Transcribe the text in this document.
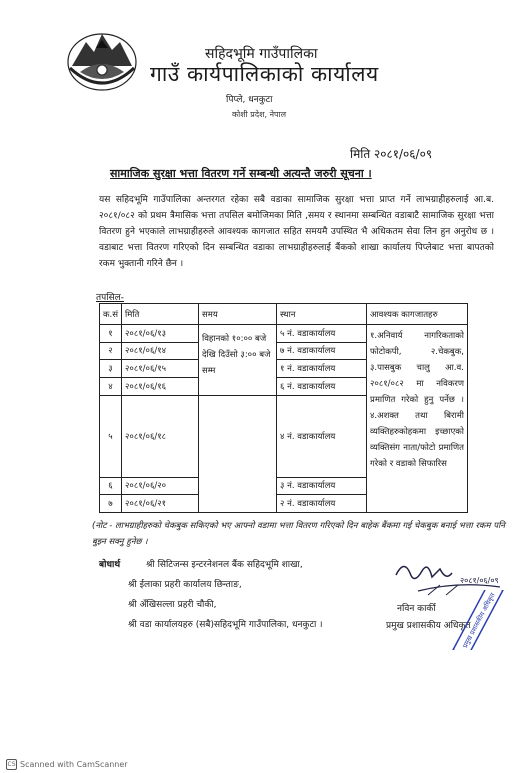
सहिदभूमि गाउँपालिका
गाउँ कार्यपालिकाको कार्यालय
पिप्ले, धनकुटा
कोशी प्रदेश, नेपाल
मिति २०८१/०६/०९
सामाजिक सुरक्षा भत्ता वितरण गर्ने सम्बन्धी अत्यन्तै जरुरी सूचना ।
यस सहिदभूमि गाउँपालिका अन्तरगत रहेका सबै वडाका सामाजिक सुरक्षा भत्ता प्राप्त गर्ने लाभग्राहीहरुलाई आ.ब. २०८१/०८२ को प्रथम त्रैमासिक भत्ता तपसिल बमोजिमका मिति ,समय र स्थानमा सम्बन्धित वडाबाटै सामाजिक सुरक्षा भत्ता वितरण हुने भएकाले लाभग्राहीहरुले आवश्यक कागजात सहित समयमै उपस्थित भै अधिकतम सेवा लिन हुन अनुरोध छ । वडाबाट भत्ता वितरण गरिएको दिन सम्बन्धित वडाका लाभग्राहीहरुलाई बैंकको शाखा कार्यालय पिप्लेबाट भत्ता बापतको रकम भुक्तानी गरिने छैन ।
तपसिल-
क.सं	मिति	समय	स्थान	आवश्यक कागजातहरु
१	२०८१/०६/१३	विहानको १०:०० बजे देखि दिउँसो ३:०० बजे सम्म	५ नं. वडाकार्यालय	१.अनिवार्य नागरिकताको फोटोकपी, २.चेकबुक, ३.पासबुक चालु आ.व. २०८१/०८२ मा नविकरण प्रमाणित गरेको हुनु पर्नेछ । ४.अशक्त तथा बिरामी व्यक्तिहरुकोहकमा इच्छाएको व्यक्तिसंग नाता/फोटो प्रमाणित गरेको र वडाको सिफारिस
२	२०८१/०६/१४		७ नं. वडाकार्यालय	
३	२०८१/०६/१५		१ नं. वडाकार्यालय	
४	२०८१/०६/१६		६ नं. वडाकार्यालय	
५	२०८१/०६/१८		४ नं. वडाकार्यालय	
६	२०८१/०६/२०		३ नं. वडाकार्यालय	
७	२०८१/०६/२१		२ नं. वडाकार्यालय	
(नोट - लाभग्राहीहरुको चेकबुक सकिएको भए आफ्नो वडामा भत्ता वितरण गरिएको दिन बाहेक बैंकमा गई चेकबुक बनाई भत्ता रकम पनि बुझ्न सक्नु हुनेछ ।
बोधार्थ	श्री सिटिजन्स इन्टरनेशनल बैंक सहिदभूमि शाखा,
श्री ईलाका प्रहरी कार्यालय छिन्ताङ,
श्री अँखिसल्ला प्रहरी चौकी,
श्री वडा कार्यालयहरु (सबै)सहिदभूमि गाउँपालिका, धनकुटा ।
२०८१/०६/०९
नविन कार्की
प्रमुख प्रशासकीय अधिकृत
प्रमुख प्रशासकीय अधिकृत
CS Scanned with CamScanner
